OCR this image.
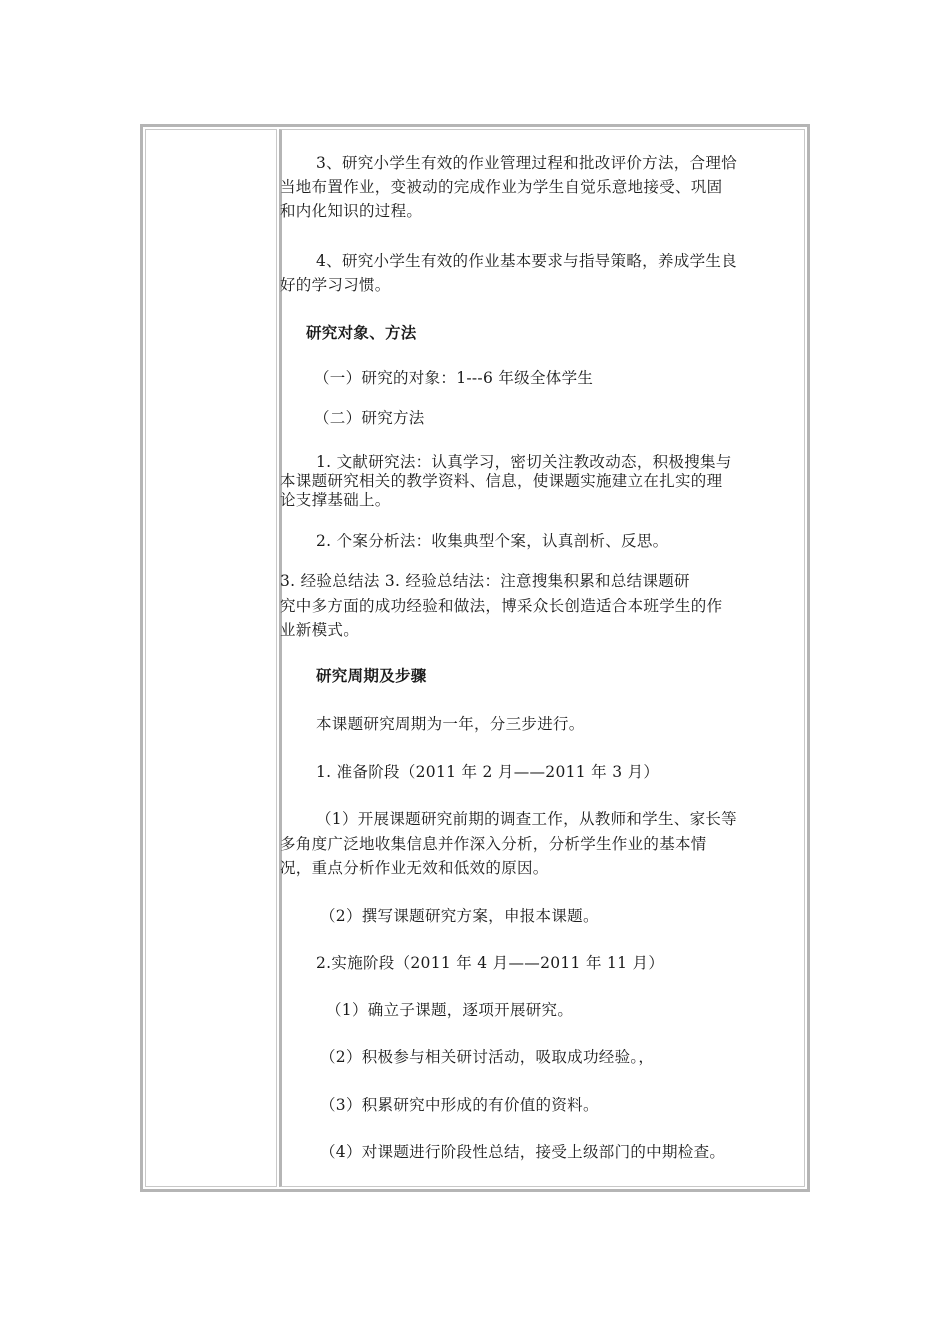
3、研究小学生有效的作业管理过程和批改评价方法，合理恰
当地布置作业，变被动的完成作业为学生自觉乐意地接受、巩固
和内化知识的过程。
4、研究小学生有效的作业基本要求与指导策略，养成学生良
好的学习习惯。
研究对象、方法
（一）研究的对象：1---6 年级全体学生
（二）研究方法
1. 文献研究法：认真学习，密切关注教改动态，积极搜集与
本课题研究相关的教学资料、信息，使课题实施建立在扎实的理
论支撑基础上。
2. 个案分析法：收集典型个案，认真剖析、反思。
3. 经验总结法 3. 经验总结法：注意搜集积累和总结课题研
究中多方面的成功经验和做法，博采众长创造适合本班学生的作
业新模式。
研究周期及步骤
本课题研究周期为一年，分三步进行。
1. 准备阶段（2011 年 2 月——2011 年 3 月）
（1）开展课题研究前期的调查工作，从教师和学生、家长等
多角度广泛地收集信息并作深入分析，分析学生作业的基本情
况，重点分析作业无效和低效的原因。
（2）撰写课题研究方案，申报本课题。
2.实施阶段（2011 年 4 月——2011 年 11 月）
（1）确立子课题，逐项开展研究。
（2）积极参与相关研讨活动，吸取成功经验。，
（3）积累研究中形成的有价值的资料。
（4）对课题进行阶段性总结，接受上级部门的中期检查。
